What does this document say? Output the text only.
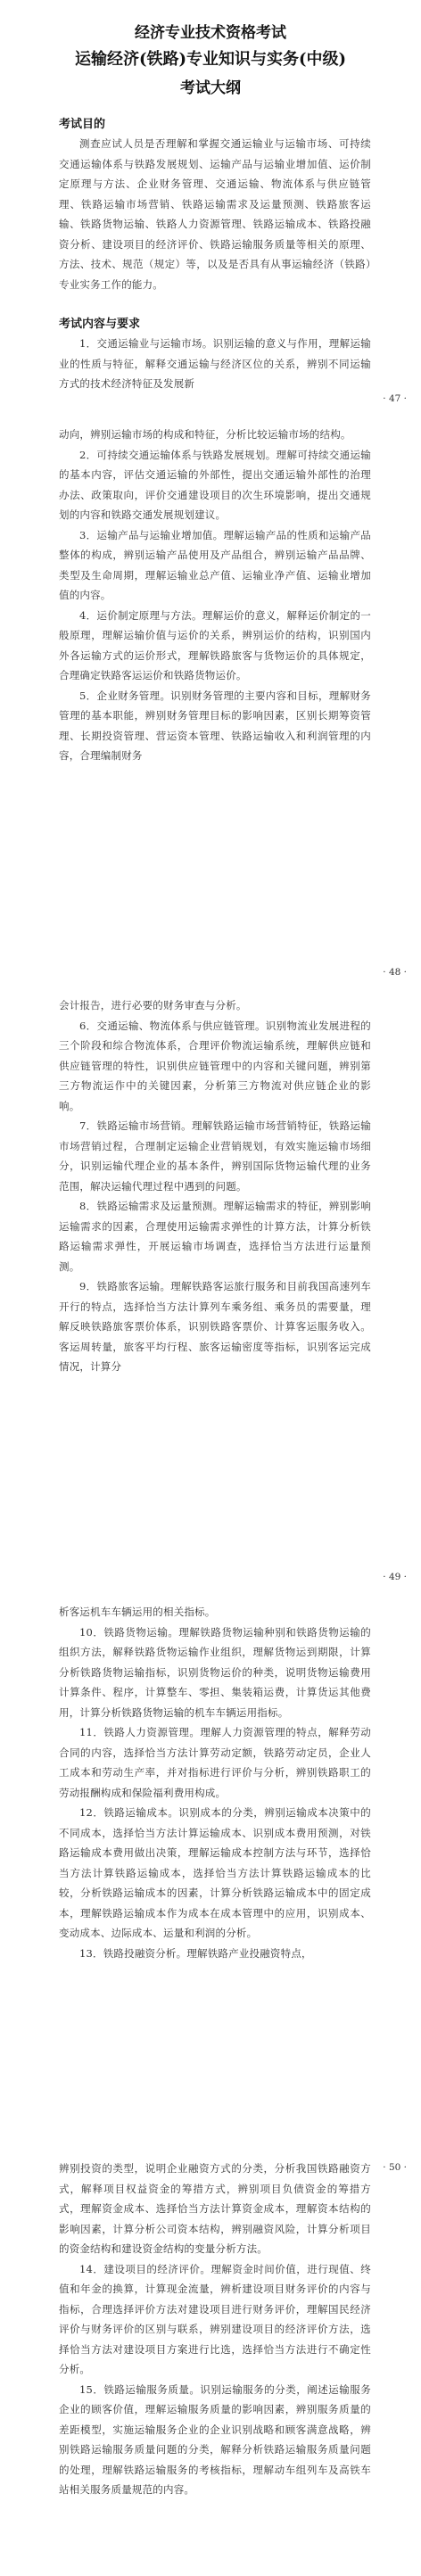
经济专业技术资格考试
运输经济(铁路)专业知识与实务(中级)
考试大纲
考试目的

测查应试人员是否理解和掌握交通运输业与运输市场、可持续交通运输体系与铁路发展规划、运输产品与运输业增加值、运价制定原理与方法、企业财务管理、交通运输、物流体系与供应链管理、铁路运输市场营销、铁路运输需求及运量预测、铁路旅客运输、铁路货物运输、铁路人力资源管理、铁路运输成本、铁路投融资分析、建设项目的经济评价、铁路运输服务质量等相关的原理、方法、技术、规范（规定）等，以及是否具有从事运输经济（铁路）专业实务工作的能力。

考试内容与要求

1．交通运输业与运输市场。识别运输的意义与作用，理解运输业的性质与特征，解释交通运输与经济区位的关系，辨别不同运输方式的技术经济特征及发展新

· 47 ·

动向，辨别运输市场的构成和特征，分析比较运输市场的结构。

2．可持续交通运输体系与铁路发展规划。理解可持续交通运输的基本内容，评估交通运输的外部性，提出交通运输外部性的治理办法、政策取向，评价交通建设项目的次生环境影响，提出交通规划的内容和铁路交通发展规划建议。

3．运输产品与运输业增加值。理解运输产品的性质和运输产品整体的构成，辨别运输产品使用及产品组合，辨别运输产品品牌、类型及生命周期，理解运输业总产值、运输业净产值、运输业增加值的内容。

4．运价制定原理与方法。理解运价的意义，解释运价制定的一般原理，理解运输价值与运价的关系，辨别运价的结构，识别国内外各运输方式的运价形式，理解铁路旅客与货物运价的具体规定，合理确定铁路客运运价和铁路货物运价。

5．企业财务管理。识别财务管理的主要内容和目标，理解财务管理的基本职能，辨别财务管理目标的影响因素，区别长期筹资管理、长期投资管理、营运资本管理、铁路运输收入和利润管理的内容，合理编制财务

· 48 ·

会计报告，进行必要的财务审查与分析。

6．交通运输、物流体系与供应链管理。识别物流业发展进程的三个阶段和综合物流体系，合理评价物流运输系统，理解供应链和供应链管理的特性，识别供应链管理中的内容和关键问题，辨别第三方物流运作中的关键因素，分析第三方物流对供应链企业的影响。

7．铁路运输市场营销。理解铁路运输市场营销特征，铁路运输市场营销过程，合理制定运输企业营销规划，有效实施运输市场细分，识别运输代理企业的基本条件，辨别国际货物运输代理的业务范围，解决运输代理过程中遇到的问题。

8．铁路运输需求及运量预测。理解运输需求的特征，辨别影响运输需求的因素，合理使用运输需求弹性的计算方法，计算分析铁路运输需求弹性，开展运输市场调查，选择恰当方法进行运量预测。

9．铁路旅客运输。理解铁路客运旅行服务和目前我国高速列车开行的特点，选择恰当方法计算列车乘务组、乘务员的需要量，理解反映铁路旅客票价体系，识别铁路客票价、计算客运服务收入。客运周转量，旅客平均行程、旅客运输密度等指标，识别客运完成情况，计算分

· 49 ·

析客运机车车辆运用的相关指标。

10．铁路货物运输。理解铁路货物运输种别和铁路货物运输的组织方法，解释铁路货物运输作业组织，理解货物运到期限，计算分析铁路货物运输指标，识别货物运价的种类，说明货物运输费用计算条件、程序，计算整车、零担、集装箱运费，计算货运其他费用，计算分析铁路货物运输的机车车辆运用指标。

11．铁路人力资源管理。理解人力资源管理的特点，解释劳动合同的内容，选择恰当方法计算劳动定额，铁路劳动定员，企业人工成本和劳动生产率，并对指标进行评价与分析，辨别铁路职工的劳动报酬构成和保险福利费用构成。

12．铁路运输成本。识别成本的分类，辨别运输成本决策中的不同成本，选择恰当方法计算运输成本、识别成本费用预测，对铁路运输成本费用做出决策，理解运输成本控制方法与环节，选择恰当方法计算铁路运输成本，选择恰当方法计算铁路运输成本的比较，分析铁路运输成本的因素，计算分析铁路运输成本中的固定成本，理解铁路运输成本作为成本在成本管理中的应用，识别成本、变动成本、边际成本、运量和利润的分析。

13．铁路投融资分析。理解铁路产业投融资特点，

· 50 ·

辨别投资的类型，说明企业融资方式的分类，分析我国铁路融资方式，解释项目权益资金的筹措方式，辨别项目负债资金的筹措方式，理解资金成本、选择恰当方法计算资金成本，理解资本结构的影响因素，计算分析公司资本结构，辨别融资风险，计算分析项目的资金结构和建设资金结构的变量分析方法。

14．建设项目的经济评价。理解资金时间价值，进行现值、终值和年金的换算，计算现金流量，辨析建设项目财务评价的内容与指标，合理选择评价方法对建设项目进行财务评价，理解国民经济评价与财务评价的区别与联系，辨别建设项目的经济评价方法，选择恰当方法对建设项目方案进行比选，选择恰当方法进行不确定性分析。

15．铁路运输服务质量。识别运输服务的分类，阐述运输服务企业的顾客价值，理解运输服务质量的影响因素，辨别服务质量的差距模型，实施运输服务企业的企业识别战略和顾客满意战略，辨别铁路运输服务质量问题的分类，解释分析铁路运输服务质量问题的处理，理解铁路运输服务的考核指标，理解动车组列车及高铁车站相关服务质量规范的内容。
